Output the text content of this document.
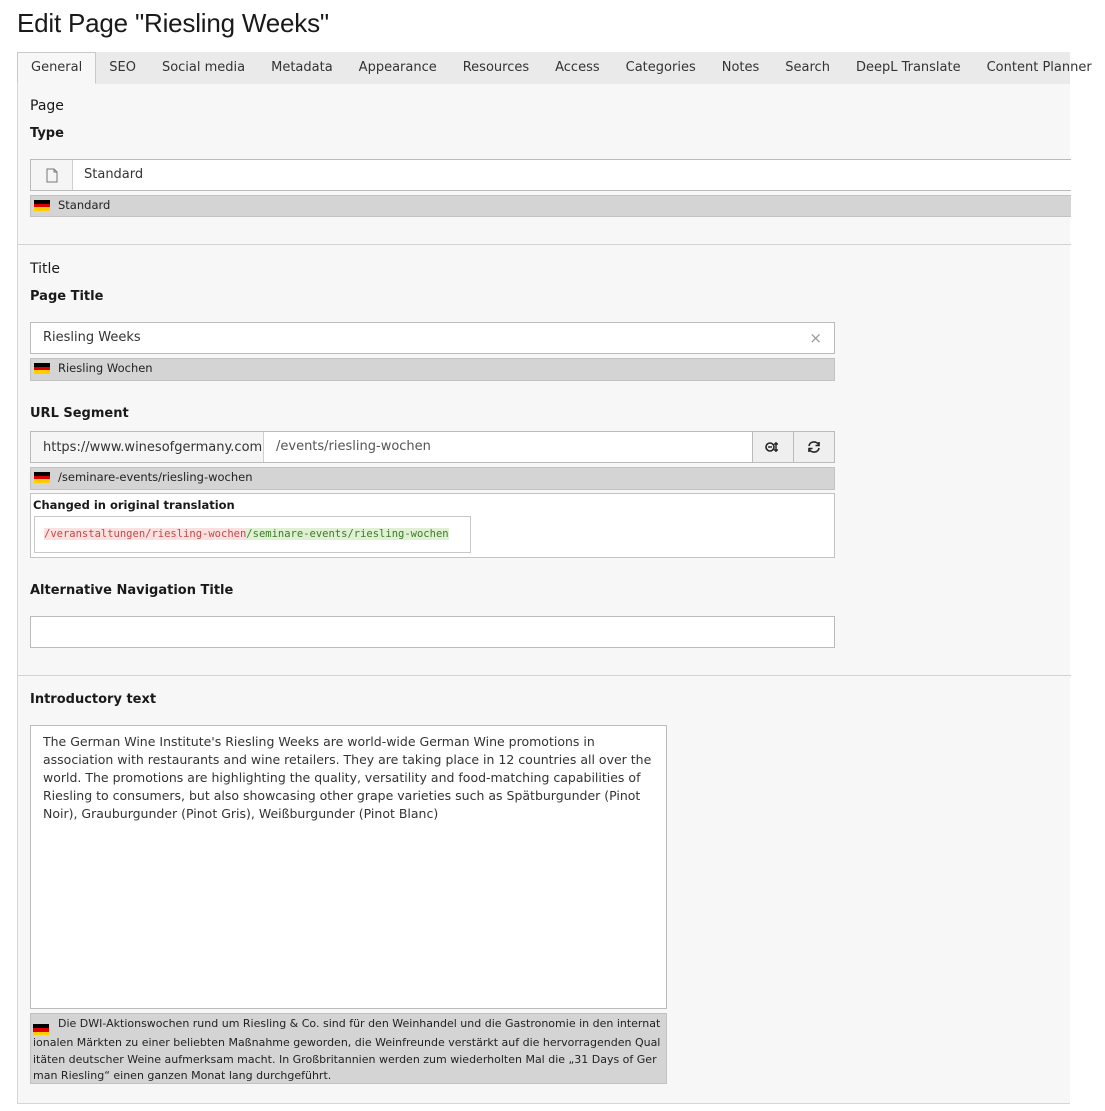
Edit Page "Riesling Weeks"
General	SEO	Social media	Metadata	Appearance	Resources	Access	Categories	Notes	Search	DeepL Translate	Content Planner
Page
Type
Standard
Standard
Title
Page Title
Riesling Weeks	×
Riesling Wochen
URL Segment
https://www.winesofgermany.com /events/riesling-wochen
/seminare-events/riesling-wochen
Changed in original translation
/veranstaltungen/riesling-wochen/seminare-events/riesling-wochen
Alternative Navigation Title
Introductory text
The German Wine Institute's Riesling Weeks are world-wide German Wine promotions in association with restaurants and wine retailers. They are taking place in 12 countries all over the world. The promotions are highlighting the quality, versatility and food-matching capabilities of Riesling to consumers, but also showcasing other grape varieties such as Spätburgunder (Pinot Noir), Grauburgunder (Pinot Gris), Weißburgunder (Pinot Blanc)
Die DWI-Aktionswochen rund um Riesling & Co. sind für den Weinhandel und die Gastronomie in den internationalen Märkten zu einer beliebten Maßnahme geworden, die Weinfreunde verstärkt auf die hervorragenden Qualitäten deutscher Weine aufmerksam macht. In Großbritannien werden zum wiederholten Mal die „31 Days of German Riesling“ einen ganzen Monat lang durchgeführt.
